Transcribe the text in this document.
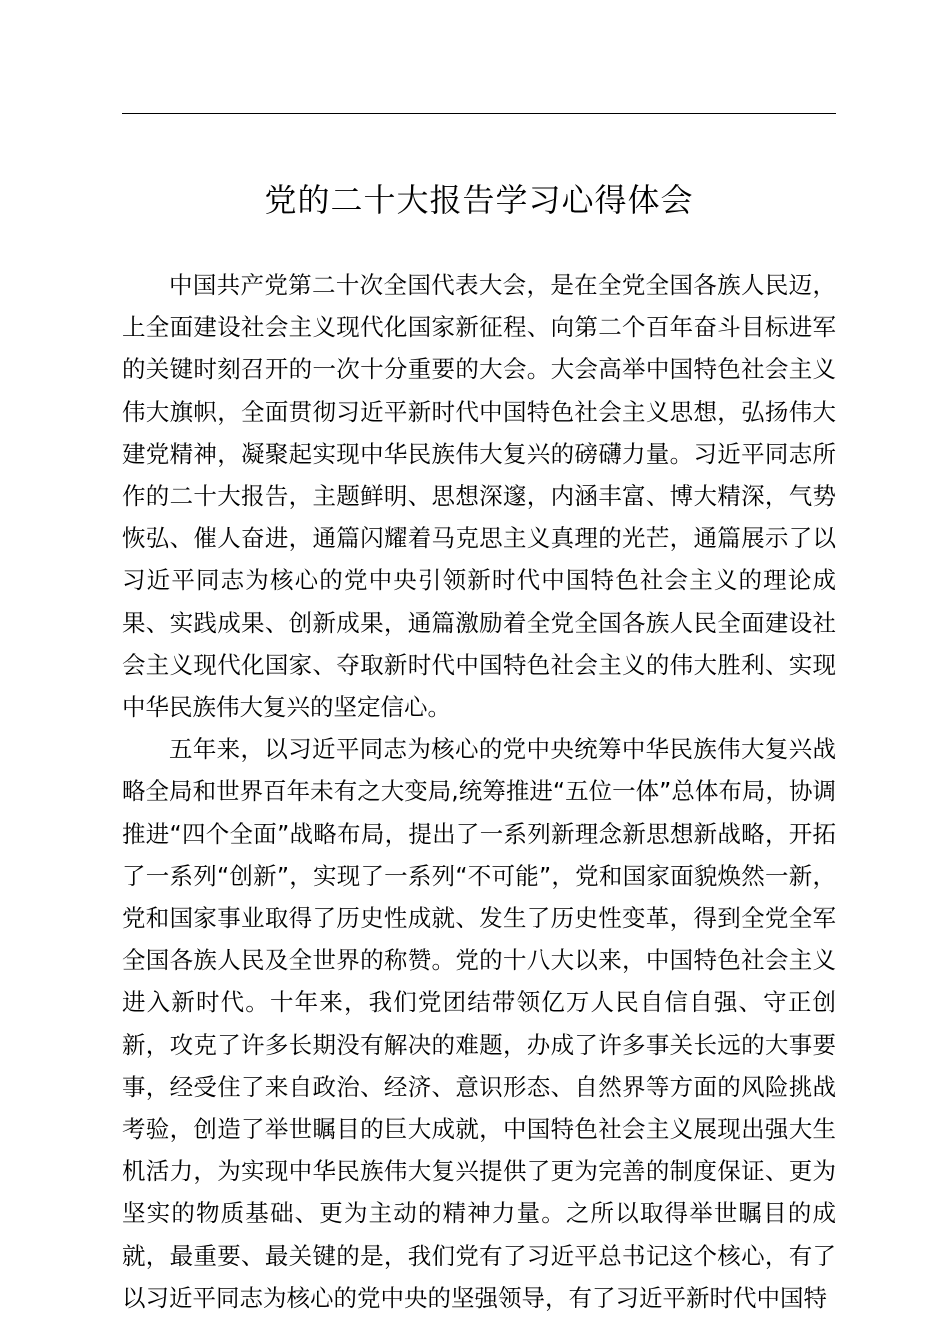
党的二十大报告学习心得体会

中国共产党第二十次全国代表大会，是在全党全国各族人民迈，上全面建设社会主义现代化国家新征程、向第二个百年奋斗目标进军的关键时刻召开的一次十分重要的大会。大会高举中国特色社会主义伟大旗帜，全面贯彻习近平新时代中国特色社会主义思想，弘扬伟大建党精神，凝聚起实现中华民族伟大复兴的磅礴力量。习近平同志所作的二十大报告，主题鲜明、思想深邃，内涵丰富、博大精深，气势恢弘、催人奋进，通篇闪耀着马克思主义真理的光芒，通篇展示了以习近平同志为核心的党中央引领新时代中国特色社会主义的理论成果、实践成果、创新成果，通篇激励着全党全国各族人民全面建设社会主义现代化国家、夺取新时代中国特色社会主义的伟大胜利、实现中华民族伟大复兴的坚定信心。

五年来，以习近平同志为核心的党中央统筹中华民族伟大复兴战略全局和世界百年未有之大变局,统筹推进“五位一体”总体布局，协调推进“四个全面”战略布局，提出了一系列新理念新思想新战略，开拓了一系列“创新”，实现了一系列“不可能”，党和国家面貌焕然一新，党和国家事业取得了历史性成就、发生了历史性变革，得到全党全军全国各族人民及全世界的称赞。党的十八大以来，中国特色社会主义进入新时代。十年来，我们党团结带领亿万人民自信自强、守正创新，攻克了许多长期没有解决的难题，办成了许多事关长远的大事要事，经受住了来自政治、经济、意识形态、自然界等方面的风险挑战考验，创造了举世瞩目的巨大成就，中国特色社会主义展现出强大生机活力，为实现中华民族伟大复兴提供了更为完善的制度保证、更为坚实的物质基础、更为主动的精神力量。之所以取得举世瞩目的成就，最重要、最关键的是，我们党有了习近平总书记这个核心，有了以习近平同志为核心的党中央的坚强领导，有了习近平新时代中国特
